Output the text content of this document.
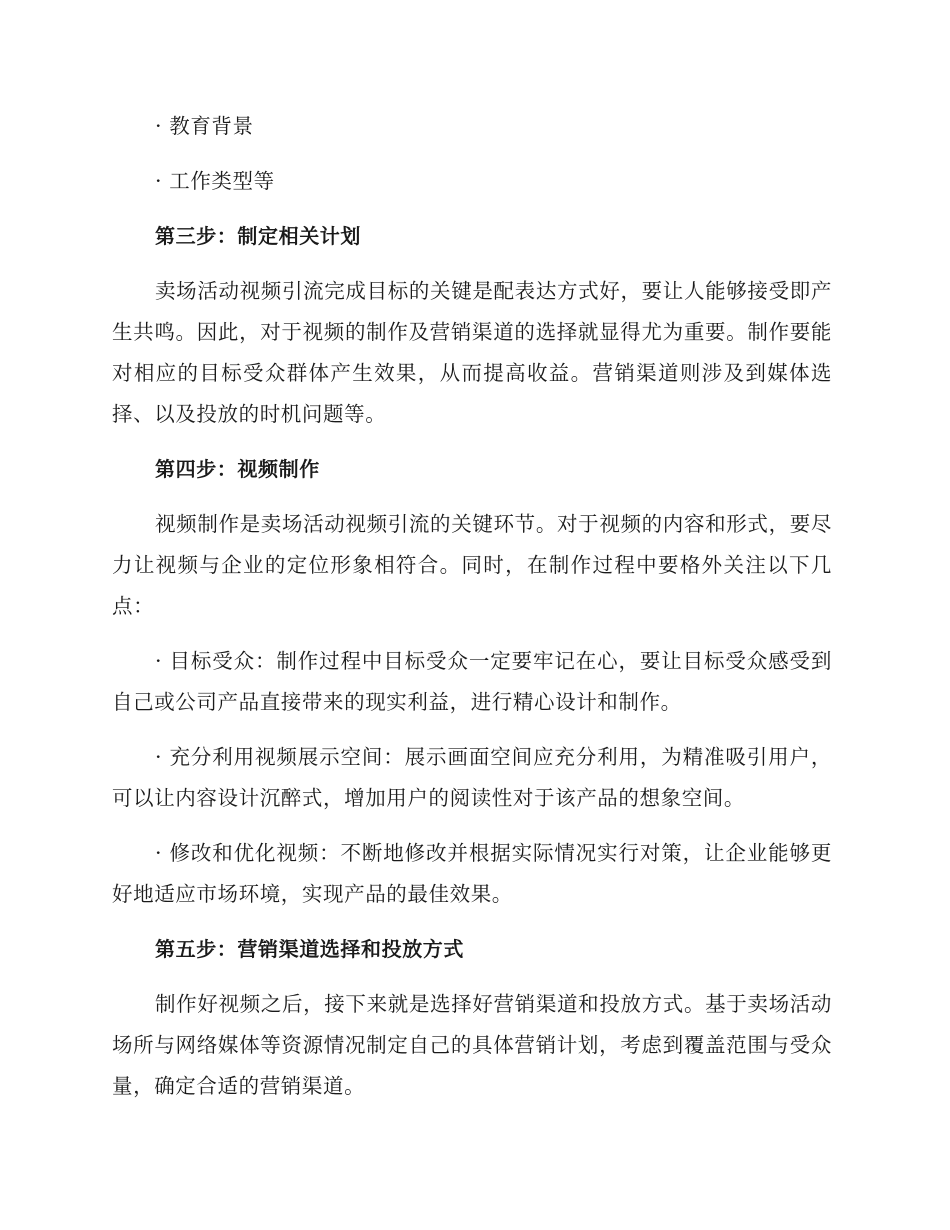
· 教育背景

· 工作类型等

第三步：制定相关计划

卖场活动视频引流完成目标的关键是配表达方式好，要让人能够接受即产生共鸣。因此，对于视频的制作及营销渠道的选择就显得尤为重要。制作要能对相应的目标受众群体产生效果，从而提高收益。营销渠道则涉及到媒体选择、以及投放的时机问题等。

第四步：视频制作

视频制作是卖场活动视频引流的关键环节。对于视频的内容和形式，要尽力让视频与企业的定位形象相符合。同时，在制作过程中要格外关注以下几点：

· 目标受众：制作过程中目标受众一定要牢记在心，要让目标受众感受到自己或公司产品直接带来的现实利益，进行精心设计和制作。

· 充分利用视频展示空间：展示画面空间应充分利用，为精准吸引用户，可以让内容设计沉醉式，增加用户的阅读性对于该产品的想象空间。

· 修改和优化视频：不断地修改并根据实际情况实行对策，让企业能够更好地适应市场环境，实现产品的最佳效果。

第五步：营销渠道选择和投放方式

制作好视频之后，接下来就是选择好营销渠道和投放方式。基于卖场活动场所与网络媒体等资源情况制定自己的具体营销计划，考虑到覆盖范围与受众量，确定合适的营销渠道。
